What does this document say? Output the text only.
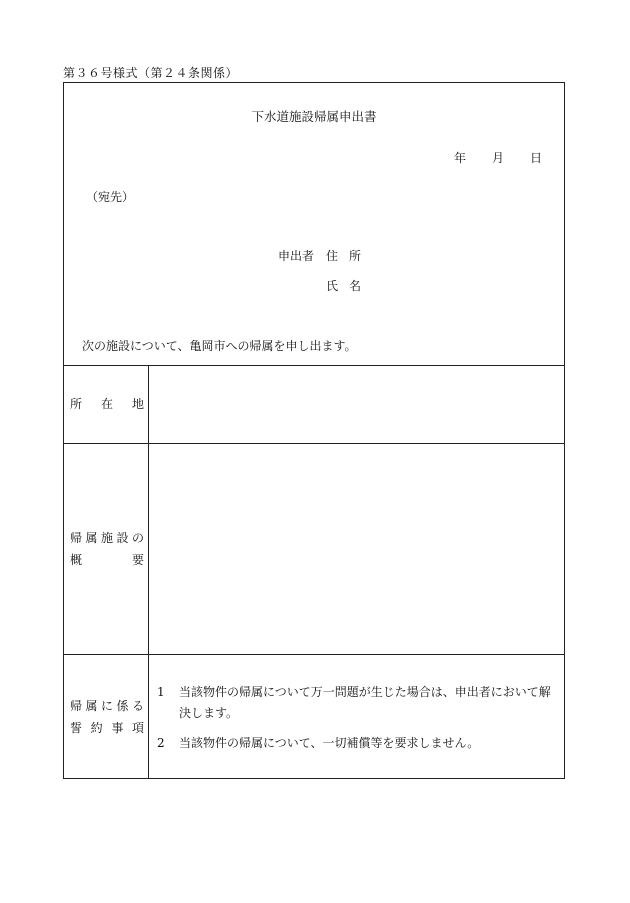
第３６号様式（第２４条関係）
下水道施設帰属申出書
年	月	日
（宛先）
申出者 住所
氏名
次の施設について、亀岡市への帰属を申し出ます。
所 在 地
帰 属 施 設 の
概	要
帰 属 に 係 る
誓 約 事 項
1	当該物件の帰属について万一問題が生じた場合は、申出者において解決します。
2	当該物件の帰属について、一切補償等を要求しません。
